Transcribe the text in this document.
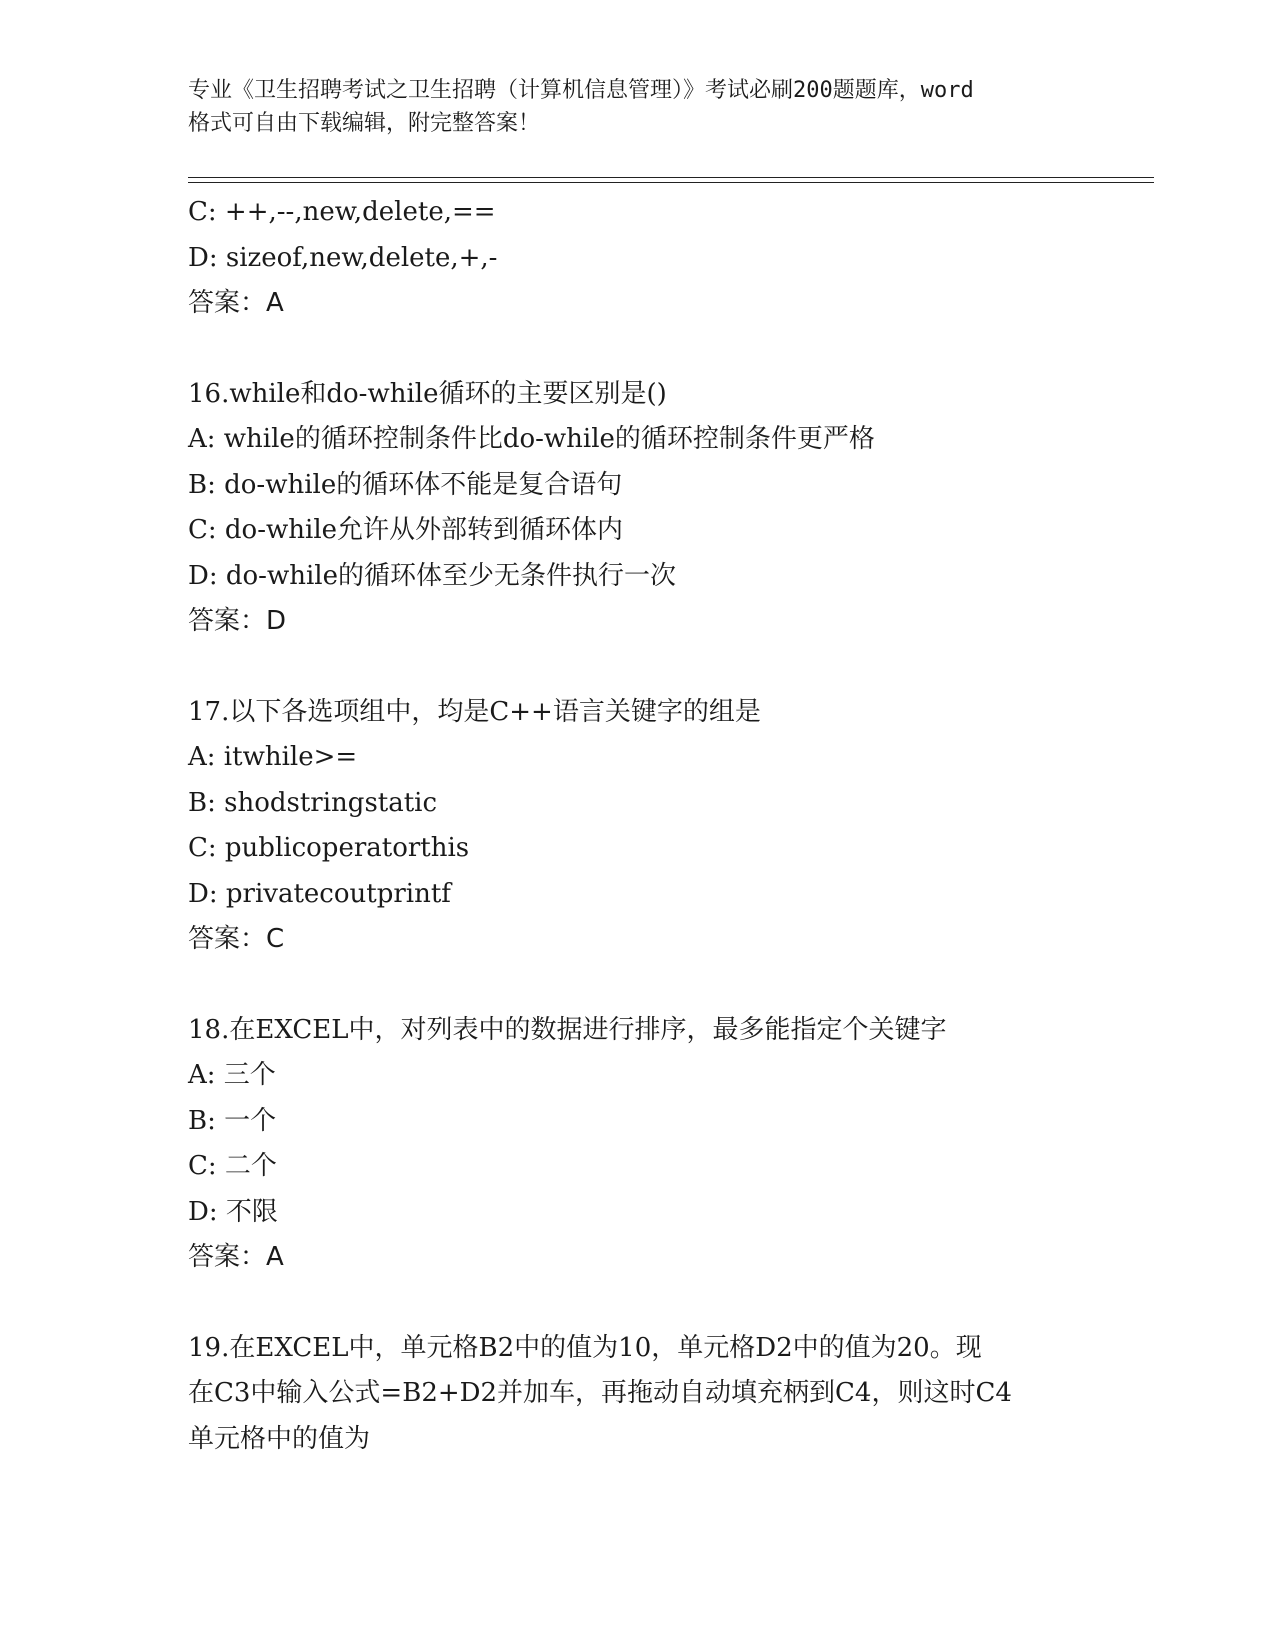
专业《卫生招聘考试之卫生招聘（计算机信息管理）》考试必刷200题题库，word
格式可自由下载编辑，附完整答案！
C: ++,--,new,delete,==
D: sizeof,new,delete,+,-
答案：A
16.while和do-while循环的主要区别是()
A: while的循环控制条件比do-while的循环控制条件更严格
B: do-while的循环体不能是复合语句
C: do-while允许从外部转到循环体内
D: do-while的循环体至少无条件执行一次
答案：D
17.以下各选项组中，均是C++语言关键字的组是
A: itwhile>=
B: shodstringstatic
C: publicoperatorthis
D: privatecoutprintf
答案：C
18.在EXCEL中，对列表中的数据进行排序，最多能指定个关键字
A: 三个
B: 一个
C: 二个
D: 不限
答案：A
19.在EXCEL中，单元格B2中的值为10，单元格D2中的值为20。现
在C3中输入公式=B2+D2并加车，再拖动自动填充柄到C4，则这时C4
单元格中的值为
